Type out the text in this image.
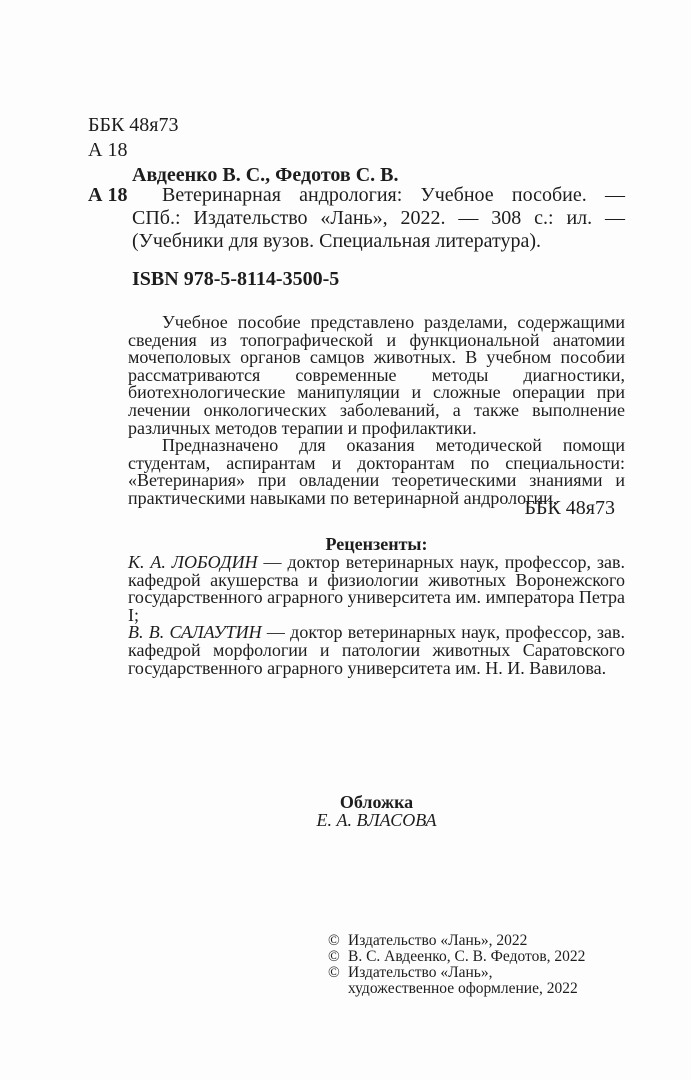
ББК 48я73
А 18
Авдеенко В. С., Федотов С. В.
А 18	Ветеринарная андрология: Учебное пособие. — СПб.: Издательство «Лань», 2022. — 308 с.: ил. — (Учебники для вузов. Специальная литература).
ISBN 978-5-8114-3500-5

Учебное пособие представлено разделами, содержащими сведения из топографической и функциональной анатомии мочеполовых органов самцов животных. В учебном пособии рассматриваются современные методы диагностики, биотехнологические манипуляции и сложные операции при лечении онкологических заболеваний, а также выполнение различных методов терапии и профилактики.

Предназначено для оказания методической помощи студентам, аспирантам и докторантам по специальности: «Ветеринария» при овладении теоретическими знаниями и практическими навыками по ветеринарной андрологии.

ББК 48я73
Рецензенты:

К. А. ЛОБОДИН — доктор ветеринарных наук, профессор, зав. кафедрой акушерства и физиологии животных Воронежского государственного аграрного университета им. императора Петра I;

В. В. САЛАУТИН — доктор ветеринарных наук, профессор, зав. кафедрой морфологии и патологии животных Саратовского государственного аграрного университета им. Н. И. Вавилова.

Обложка
Е. А. ВЛАСОВА
© Издательство «Лань», 2022
© В. С. Авдеенко, С. В. Федотов, 2022
© Издательство «Лань»,
художественное оформление, 2022
